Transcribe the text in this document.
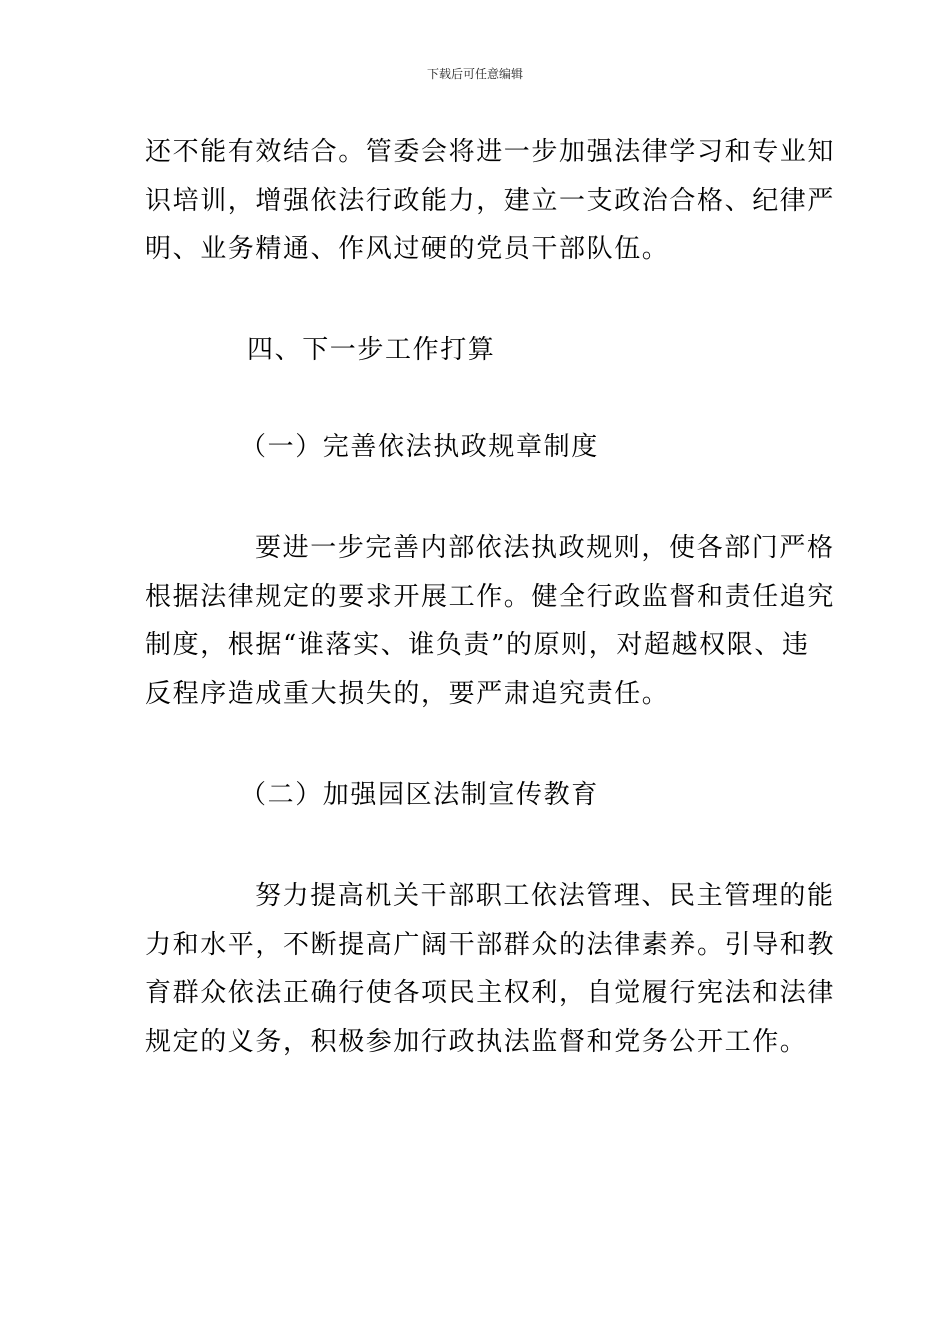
下载后可任意编辑

还不能有效结合。管委会将进一步加强法律学习和专业知
识培训，增强依法行政能力，建立一支政治合格、纪律严
明、业务精通、作风过硬的党员干部队伍。

四、下一步工作打算

（一）完善依法执政规章制度

要进一步完善内部依法执政规则，使各部门严格
根据法律规定的要求开展工作。健全行政监督和责任追究
制度，根据“谁落实、谁负责”的原则，对超越权限、违
反程序造成重大损失的，要严肃追究责任。

（二）加强园区法制宣传教育

努力提高机关干部职工依法管理、民主管理的能
力和水平，不断提高广阔干部群众的法律素养。引导和教
育群众依法正确行使各项民主权利，自觉履行宪法和法律
规定的义务，积极参加行政执法监督和党务公开工作。
